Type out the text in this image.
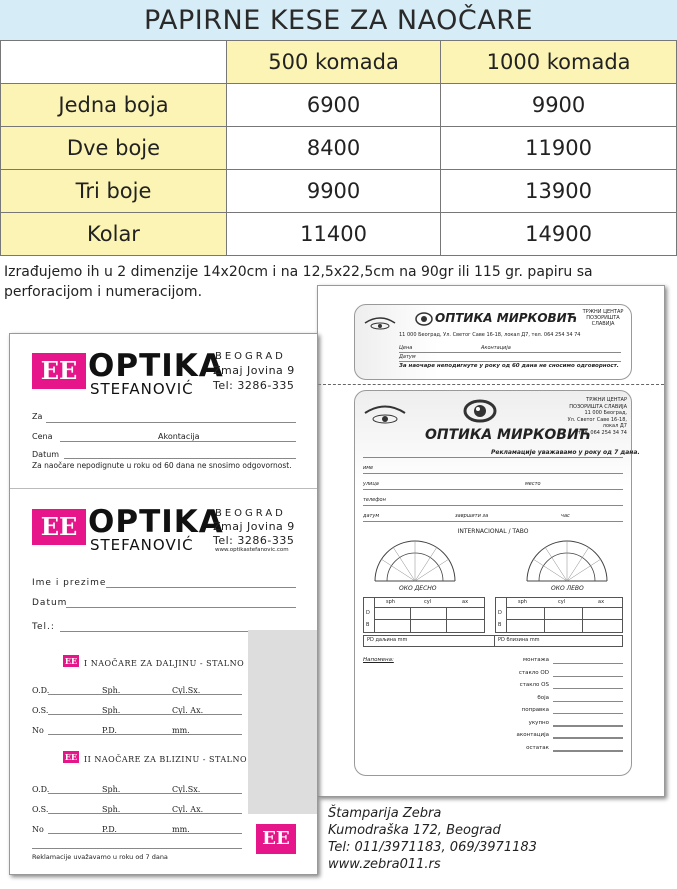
PAPIRNE KESE ZA NAOČARE
	500 komada	1000 komada
Jedna boja	6900	9900
Dve boje	8400	11900
Tri boje	9900	13900
Kolar	11400	14900
Izrađujemo ih u 2 dimenzije 14x20cm i na 12,5x22,5cm na 90gr ili 115 gr. papiru sa perforacijom i numeracijom.
ОПТИКА МИРКОВИЋ	ТРЖНИ ЦЕНТАР ПОЗОРИШТА СЛАВИЈА
11 000 Београд, Ул. Светог Саве 16-18, локал Д7, тел. 064 254 34 74
Цена	Аконтација
Датум
За наочаре неподигнуте у року од 60 дана не сносимо одговорност.
ОПТИКА МИРКОВИЋ
ТРЖНИ ЦЕНТАР
ПОЗОРИШТА СЛАВИЈА
11 000 Београд,
Ул. Светог Саве 16-18,
локал Д7
тел. 064 254 34 74
Рекламације уважавамо у року од 7 дана.
име
улица	место
телефон
датум	завршити за	час
INTERNACIONAL / TABO
ОКО ДЕСНО	ОКО ЛЕВО
sph	cyl	ax
D
B
sph	cyl	ax
D
B
PD даљина mm	PD близина mm
Напомена:	монтажа
стакло OD
стакло OS
боја
поправка
укупно
аконтација
остатак
ΕΕ OPTIKA
STEFANOVIĆ
BEOGRAD
Zmaj Jovina 9
Tel: 3286-335
Za
Cena	Akontacija
Datum
Za naočare nepodignute u roku od 60 dana ne snosimo odgovornost.
ΕΕ OPTIKA
STEFANOVIĆ
BEOGRAD
Zmaj Jovina 9
Tel: 3286-335
www.optikastefanovic.com
Ime i prezime
Datum
Tel.:
ΕΕ I NAOČARE ZA DALJINU - STALNO
O.D.	Sph.	Cyl.Sx.
O.S.	Sph.	Cyl. Ax.
No	P.D.	mm.
ΕΕ II NAOČARE ZA BLIZINU - STALNO
O.D.	Sph.	Cyl.Sx.
O.S.	Sph.	Cyl. Ax.
No	P.D.	mm.
Reklamacije uvažavamo u roku od 7 dana
ΕΕ
Štamparija Zebra
Kumodraška 172, Beograd
Tel: 011/3971183, 069/3971183
www.zebra011.rs
